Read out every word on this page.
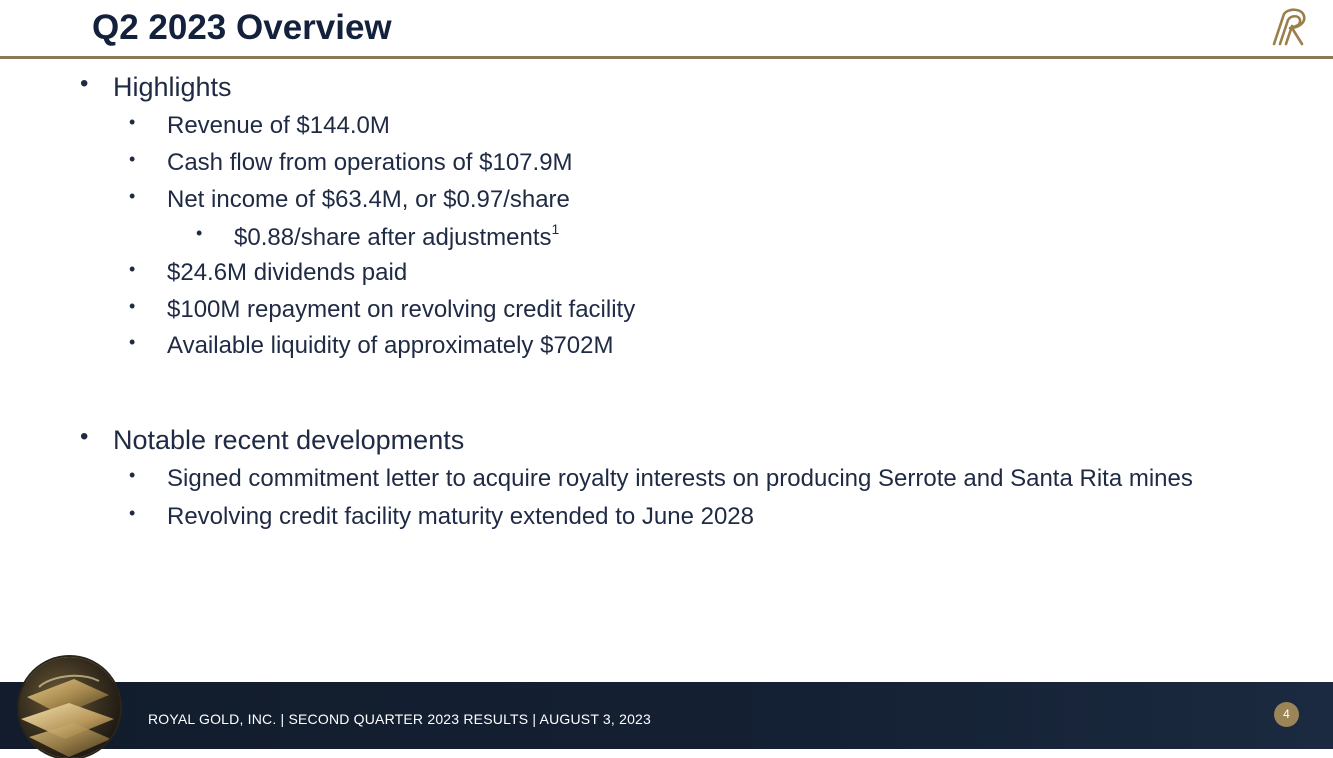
Q2 2023 Overview
• Highlights
• Revenue of $144.0M
• Cash flow from operations of $107.9M
• Net income of $63.4M, or $0.97/share
• $0.88/share after adjustments$^1$
• $24.6M dividends paid
• $100M repayment on revolving credit facility
• Available liquidity of approximately $702M
• Notable recent developments
• Signed commitment letter to acquire royalty interests on producing Serrote and Santa Rita mines
• Revolving credit facility maturity extended to June 2028
ROYAL GOLD, INC. | SECOND QUARTER 2023 RESULTS | AUGUST 3, 2023	4
